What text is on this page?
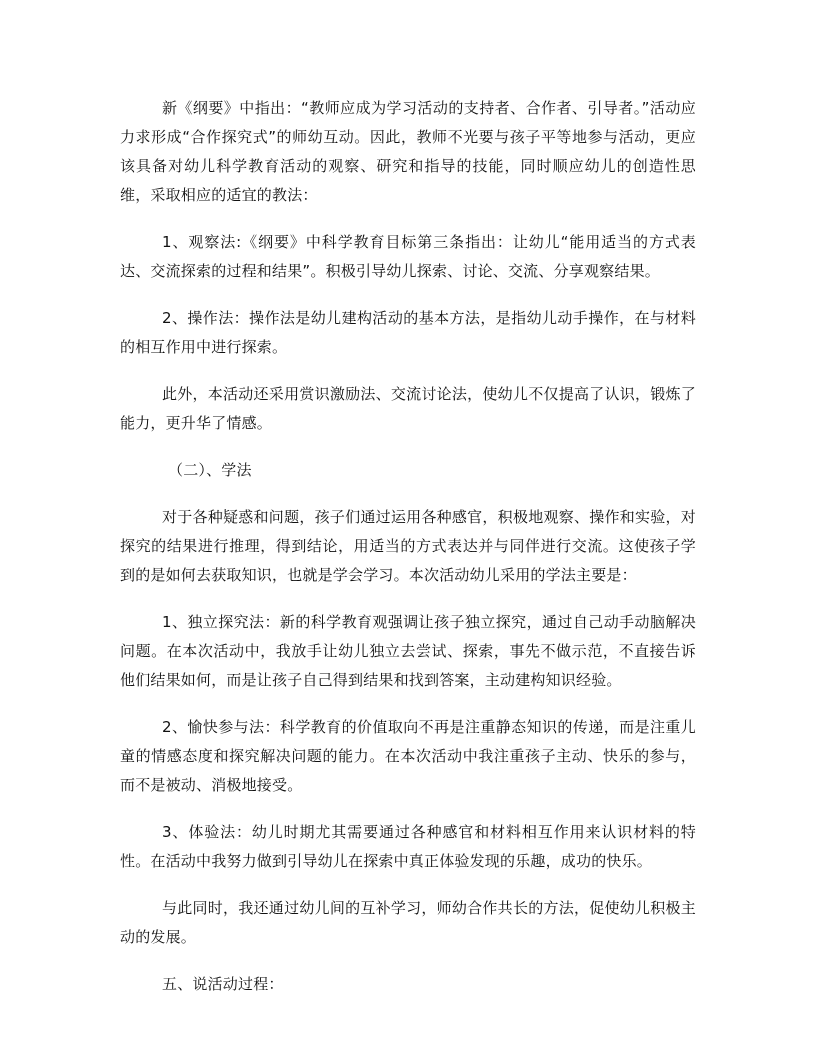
新《纲要》中指出：“教师应成为学习活动的支持者、合作者、引导者。”活动应力求形成“合作探究式”的师幼互动。因此，教师不光要与孩子平等地参与活动，更应该具备对幼儿科学教育活动的观察、研究和指导的技能，同时顺应幼儿的创造性思维，采取相应的适宜的教法：

1、观察法:《纲要》中科学教育目标第三条指出：让幼儿“能用适当的方式表达、交流探索的过程和结果”。积极引导幼儿探索、讨论、交流、分享观察结果。

2、操作法：操作法是幼儿建构活动的基本方法，是指幼儿动手操作，在与材料的相互作用中进行探索。

此外，本活动还采用赏识激励法、交流讨论法，使幼儿不仅提高了认识，锻炼了能力，更升华了情感。

（二）、学法

对于各种疑惑和问题，孩子们通过运用各种感官，积极地观察、操作和实验，对探究的结果进行推理，得到结论，用适当的方式表达并与同伴进行交流。这使孩子学到的是如何去获取知识，也就是学会学习。本次活动幼儿采用的学法主要是：

1、独立探究法：新的科学教育观强调让孩子独立探究，通过自己动手动脑解决问题。在本次活动中，我放手让幼儿独立去尝试、探索，事先不做示范，不直接告诉他们结果如何，而是让孩子自己得到结果和找到答案，主动建构知识经验。

2、愉快参与法：科学教育的价值取向不再是注重静态知识的传递，而是注重儿童的情感态度和探究解决问题的能力。在本次活动中我注重孩子主动、快乐的参与，而不是被动、消极地接受。

3、体验法：幼儿时期尤其需要通过各种感官和材料相互作用来认识材料的特性。在活动中我努力做到引导幼儿在探索中真正体验发现的乐趣，成功的快乐。

与此同时，我还通过幼儿间的互补学习，师幼合作共长的方法，促使幼儿积极主动的发展。

五、说活动过程：
